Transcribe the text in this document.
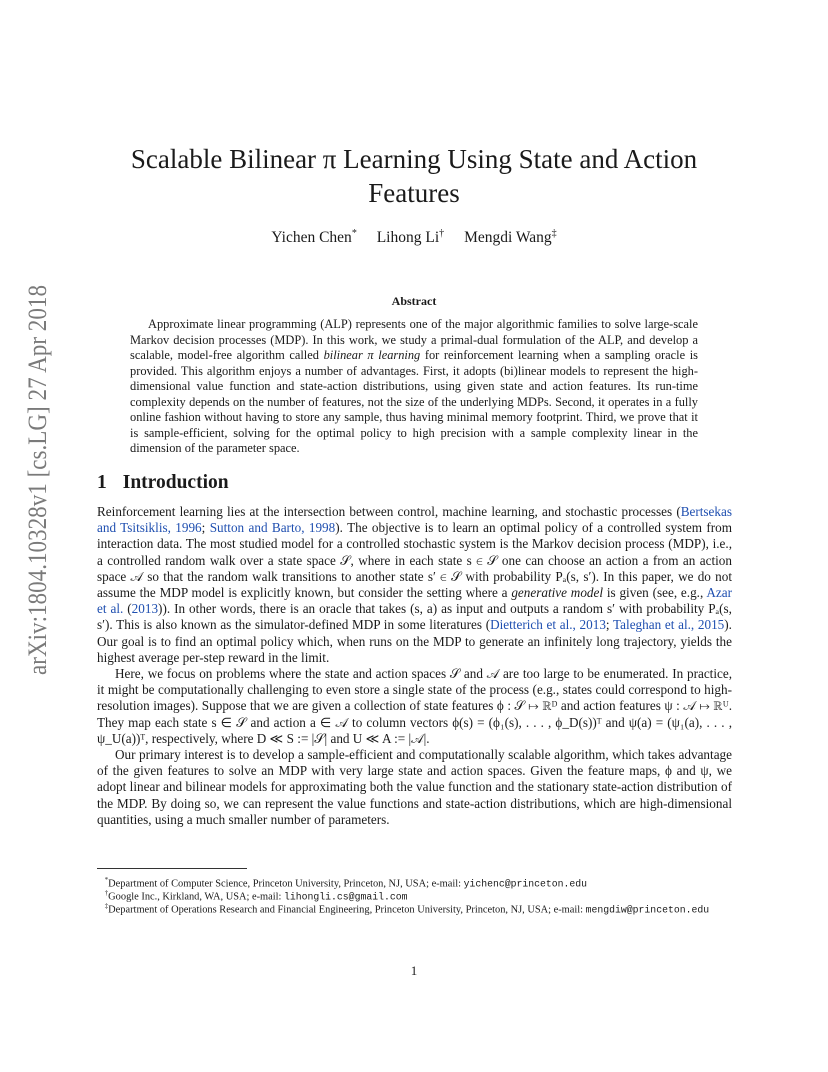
arXiv:1804.10328v1 [cs.LG] 27 Apr 2018
Scalable Bilinear π Learning Using State and Action
Features
Yichen Chen* Lihong Li† Mengdi Wang‡
Abstract

Approximate linear programming (ALP) represents one of the major algorithmic families to solve large-scale Markov decision processes (MDP). In this work, we study a primal-dual formulation of the ALP, and develop a scalable, model-free algorithm called bilinear π learning for reinforcement learning when a sampling oracle is provided. This algorithm enjoys a number of advantages. First, it adopts (bi)linear models to represent the high-dimensional value function and state-action distributions, using given state and action features. Its run-time complexity depends on the number of features, not the size of the underlying MDPs. Second, it operates in a fully online fashion without having to store any sample, thus having minimal memory footprint. Third, we prove that it is sample-efficient, solving for the optimal policy to high precision with a sample complexity linear in the dimension of the parameter space.

1 Introduction

Reinforcement learning lies at the intersection between control, machine learning, and stochastic processes (Bertsekas and Tsitsiklis, 1996; Sutton and Barto, 1998). The objective is to learn an optimal policy of a controlled system from interaction data. The most studied model for a controlled stochastic system is the Markov decision process (MDP), i.e., a controlled random walk over a state space 𝒮, where in each state s ∈ 𝒮 one can choose an action a from an action space 𝒜 so that the random walk transitions to another state s′ ∈ 𝒮 with probability Pₐ(s, s′). In this paper, we do not assume the MDP model is explicitly known, but consider the setting where a generative model is given (see, e.g., Azar et al. (2013)). In other words, there is an oracle that takes (s, a) as input and outputs a random s′ with probability Pₐ(s, s′). This is also known as the simulator-defined MDP in some literatures (Dietterich et al., 2013; Taleghan et al., 2015). Our goal is to find an optimal policy which, when runs on the MDP to generate an infinitely long trajectory, yields the highest average per-step reward in the limit.

Here, we focus on problems where the state and action spaces 𝒮 and 𝒜 are too large to be enumerated. In practice, it might be computationally challenging to even store a single state of the process (e.g., states could correspond to high-resolution images). Suppose that we are given a collection of state features ϕ : 𝒮 ↦ ℝᴰ and action features ψ : 𝒜 ↦ ℝᵁ. They map each state s ∈ 𝒮 and action a ∈ 𝒜 to column vectors ϕ(s) = (ϕ₁(s), . . . , ϕ_D(s))ᵀ and ψ(a) = (ψ₁(a), . . . , ψ_U(a))ᵀ, respectively, where D ≪ S := |𝒮| and U ≪ A := |𝒜|.

Our primary interest is to develop a sample-efficient and computationally scalable algorithm, which takes advantage of the given features to solve an MDP with very large state and action spaces. Given the feature maps, ϕ and ψ, we adopt linear and bilinear models for approximating both the value function and the stationary state-action distribution of the MDP. By doing so, we can represent the value functions and state-action distributions, which are high-dimensional quantities, using a much smaller number of parameters.

*Department of Computer Science, Princeton University, Princeton, NJ, USA; e-mail: yichenc@princeton.edu
†Google Inc., Kirkland, WA, USA; e-mail: lihongli.cs@gmail.com
‡Department of Operations Research and Financial Engineering, Princeton University, Princeton, NJ, USA; e-mail: mengdiw@princeton.edu
1
